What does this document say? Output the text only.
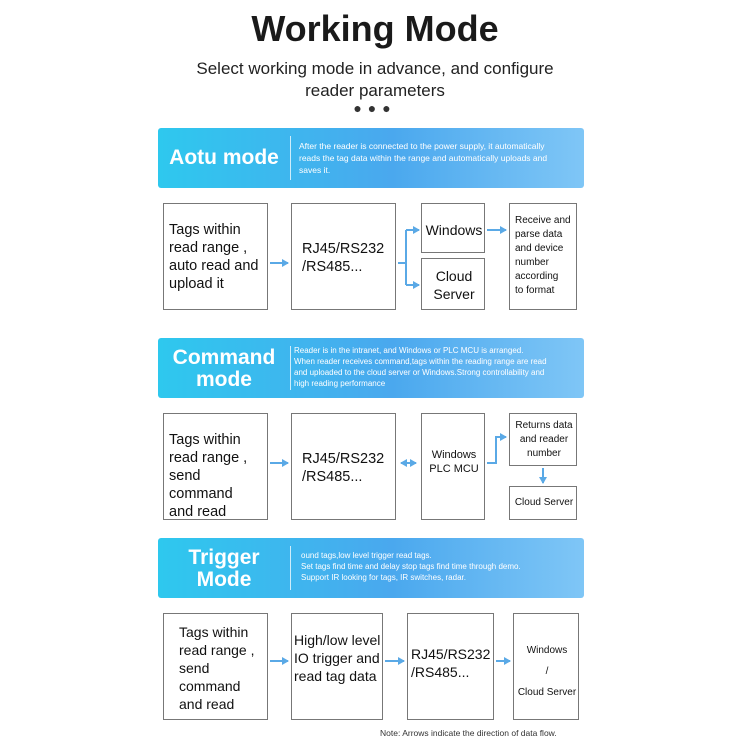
Working Mode
Select working mode in advance, and configure
reader parameters
●●●
Aotu mode	After the reader is connected to the power supply, it automatically
reads the tag data within the range and automatically uploads and
saves it.
Tags within
read range ,
auto read and
upload it
RJ45/RS232
/RS485...
Windows
Cloud
Server
Receive and
parse data
and device
number
according
to format
Command
mode
Reader is in the intranet, and Windows or PLC MCU is arranged.
When reader receives command,tags within the reading range are read
and uploaded to the cloud server or Windows.Strong controllability and
high reading performance
Tags within
read range ,
send command
and read
RJ45/RS232
/RS485...
Windows
PLC MCU
Returns data
and reader
number
Cloud Server
Trigger
Mode
ound tags,low level trigger read tags.
Set tags find time and delay stop tags find time through demo.
Support IR looking for tags, IR switches, radar.
Tags within
read range ,
send
command
and read
High/low level
IO trigger and
read tag data
RJ45/RS232
/RS485...
Windows
/
Cloud Server
Note: Arrows indicate the direction of data flow.
